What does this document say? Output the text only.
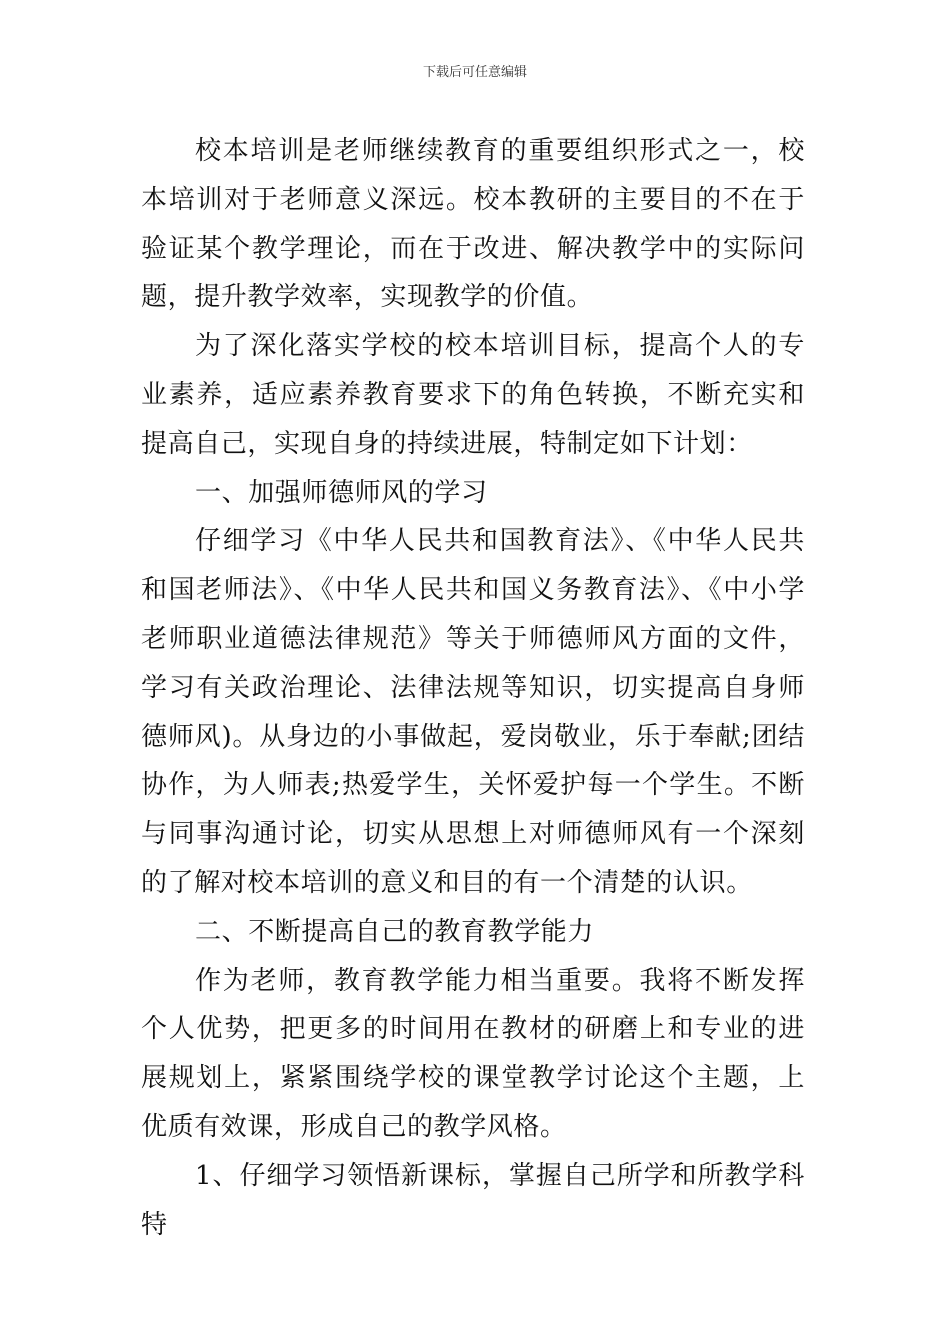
下载后可任意编辑

校本培训是老师继续教育的重要组织形式之一，校本培训对于老师意义深远。校本教研的主要目的不在于验证某个教学理论，而在于改进、解决教学中的实际问题，提升教学效率，实现教学的价值。

为了深化落实学校的校本培训目标，提高个人的专业素养，适应素养教育要求下的角色转换，不断充实和提高自己，实现自身的持续进展，特制定如下计划：

一、加强师德师风的学习

仔细学习《中华人民共和国教育法》、《中华人民共和国老师法》、《中华人民共和国义务教育法》、《中小学老师职业道德法律规范》等关于师德师风方面的文件，学习有关政治理论、法律法规等知识，切实提高自身师德师风)。从身边的小事做起，爱岗敬业，乐于奉献;团结协作，为人师表;热爱学生，关怀爱护每一个学生。不断与同事沟通讨论，切实从思想上对师德师风有一个深刻的了解对校本培训的意义和目的有一个清楚的认识。

二、不断提高自己的教育教学能力

作为老师，教育教学能力相当重要。我将不断发挥个人优势，把更多的时间用在教材的研磨上和专业的进展规划上，紧紧围绕学校的课堂教学讨论这个主题，上优质有效课，形成自己的教学风格。

1、仔细学习领悟新课标，掌握自己所学和所教学科特
